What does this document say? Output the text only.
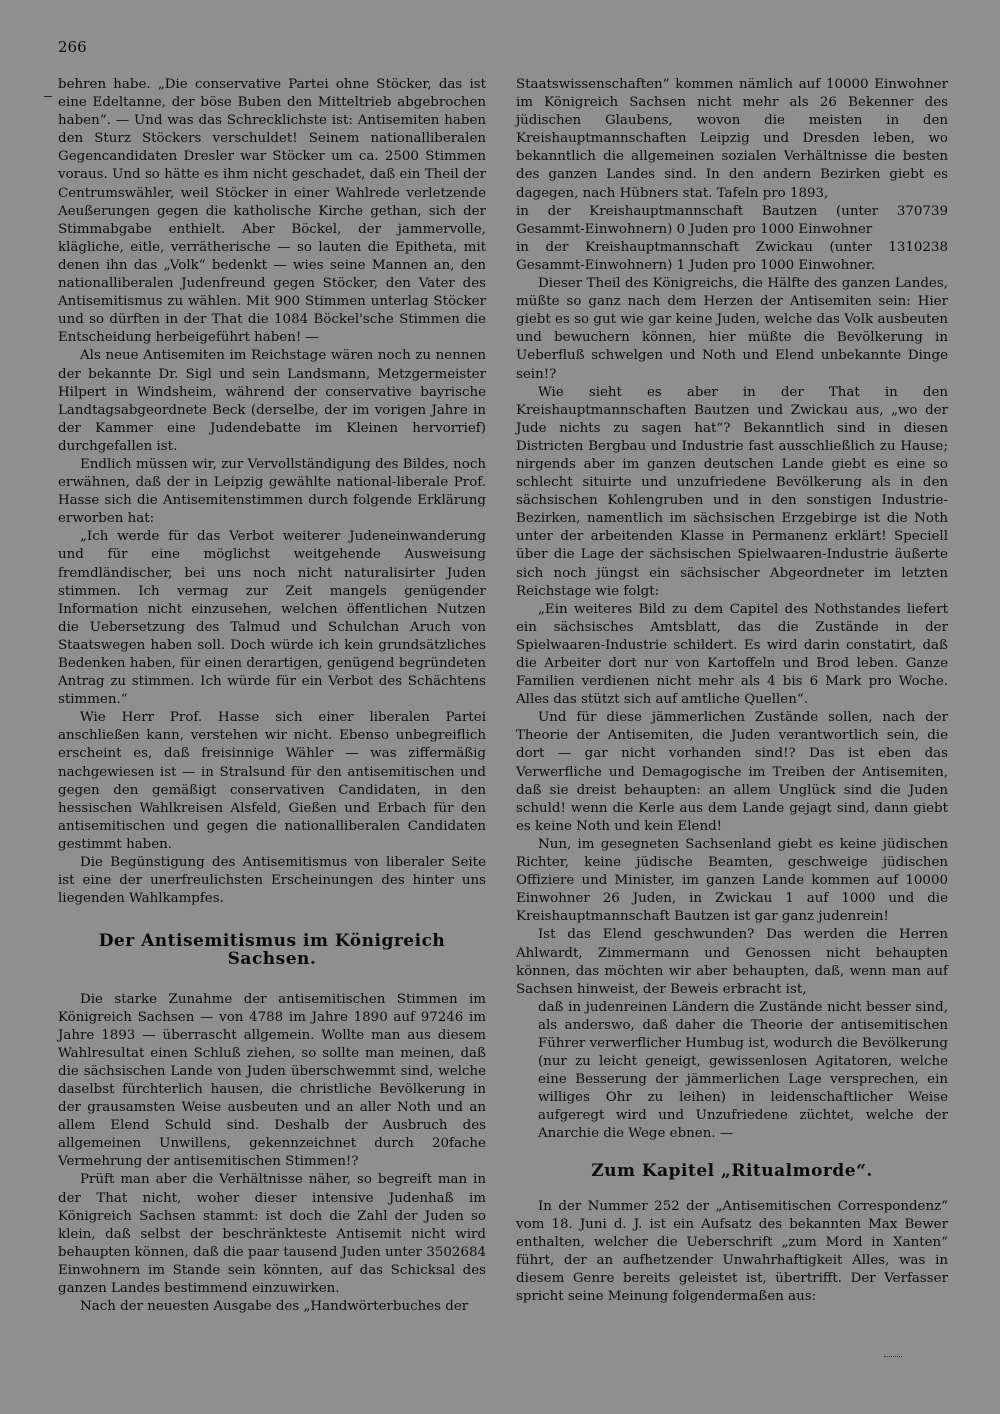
266

behren habe. „Die conservative Partei ohne Stöcker, das ist eine Edeltanne, der böse Buben den Mitteltrieb abgebrochen haben“. — Und was das Schrecklichste ist: Antisemiten haben den Sturz Stöckers verschuldet! Seinem nationalliberalen Gegencandidaten Dresler war Stöcker um ca. 2500 Stimmen voraus. Und so hätte es ihm nicht geschadet, daß ein Theil der Centrumswähler, weil Stöcker in einer Wahlrede verletzende Aeußerungen gegen die katholische Kirche gethan, sich der Stimmabgabe enthielt. Aber Böckel, der jammervolle, klägliche, eitle, verrätherische — so lauten die Epitheta, mit denen ihn das „Volk“ bedenkt — wies seine Mannen an, den nationalliberalen Judenfreund gegen Stöcker, den Vater des Antisemitismus zu wählen. Mit 900 Stimmen unterlag Stöcker und so dürften in der That die 1084 Böckel'sche Stimmen die Entscheidung herbeigeführt haben! —

Als neue Antisemiten im Reichstage wären noch zu nennen der bekannte Dr. Sigl und sein Landsmann, Metzgermeister Hilpert in Windsheim, während der conservative bayrische Landtagsabgeordnete Beck (derselbe, der im vorigen Jahre in der Kammer eine Judendebatte im Kleinen hervorrief) durchgefallen ist.

Endlich müssen wir, zur Vervollständigung des Bildes, noch erwähnen, daß der in Leipzig gewählte national-liberale Prof. Hasse sich die Antisemitenstimmen durch folgende Erklärung erworben hat:

„Ich werde für das Verbot weiterer Judeneinwanderung und für eine möglichst weitgehende Ausweisung fremdländischer, bei uns noch nicht naturalisirter Juden stimmen. Ich vermag zur Zeit mangels genügender Information nicht einzusehen, welchen öffentlichen Nutzen die Uebersetzung des Talmud und Schulchan Aruch von Staatswegen haben soll. Doch würde ich kein grundsätzliches Bedenken haben, für einen derartigen, genügend begründeten Antrag zu stimmen. Ich würde für ein Verbot des Schächtens stimmen.“

Wie Herr Prof. Hasse sich einer liberalen Partei anschließen kann, verstehen wir nicht. Ebenso unbegreiflich erscheint es, daß freisinnige Wähler — was ziffermäßig nachgewiesen ist — in Stralsund für den antisemitischen und gegen den gemäßigt conservativen Candidaten, in den hessischen Wahlkreisen Alsfeld, Gießen und Erbach für den antisemitischen und gegen die nationalliberalen Candidaten gestimmt haben.

Die Begünstigung des Antisemitismus von liberaler Seite ist eine der unerfreulichsten Erscheinungen des hinter uns liegenden Wahlkampfes.

Der Antisemitismus im Königreich Sachsen.

Die starke Zunahme der antisemitischen Stimmen im Königreich Sachsen — von 4788 im Jahre 1890 auf 97246 im Jahre 1893 — überrascht allgemein. Wollte man aus diesem Wahlresultat einen Schluß ziehen, so sollte man meinen, daß die sächsischen Lande von Juden überschwemmt sind, welche daselbst fürchterlich hausen, die christliche Bevölkerung in der grausamsten Weise ausbeuten und an aller Noth und an allem Elend Schuld sind. Deshalb der Ausbruch des allgemeinen Unwillens, gekennzeichnet durch 20fache Vermehrung der antisemitischen Stimmen!?

Prüft man aber die Verhältnisse näher, so begreift man in der That nicht, woher dieser intensive Judenhaß im Königreich Sachsen stammt: ist doch die Zahl der Juden so klein, daß selbst der beschränkteste Antisemit nicht wird behaupten können, daß die paar tausend Juden unter 3502684 Einwohnern im Stande sein könnten, auf das Schicksal des ganzen Landes bestimmend einzuwirken.

Nach der neuesten Ausgabe des „Handwörterbuches der

Staatswissenschaften“ kommen nämlich auf 10000 Einwohner im Königreich Sachsen nicht mehr als 26 Bekenner des jüdischen Glaubens, wovon die meisten in den Kreishauptmannschaften Leipzig und Dresden leben, wo bekanntlich die allgemeinen sozialen Verhältnisse die besten des ganzen Landes sind. In den andern Bezirken giebt es dagegen, nach Hübners stat. Tafeln pro 1893,

in der Kreishauptmannschaft Bautzen (unter 370739 Gesammt-Einwohnern) 0 Juden pro 1000 Einwohner

in der Kreishauptmannschaft Zwickau (unter 1310238 Gesammt-Einwohnern) 1 Juden pro 1000 Einwohner.

Dieser Theil des Königreichs, die Hälfte des ganzen Landes, müßte so ganz nach dem Herzen der Antisemiten sein: Hier giebt es so gut wie gar keine Juden, welche das Volk ausbeuten und bewuchern können, hier müßte die Bevölkerung in Ueberfluß schwelgen und Noth und Elend unbekannte Dinge sein!?

Wie sieht es aber in der That in den Kreishauptmannschaften Bautzen und Zwickau aus, „wo der Jude nichts zu sagen hat“? Bekanntlich sind in diesen Districten Bergbau und Industrie fast ausschließlich zu Hause; nirgends aber im ganzen deutschen Lande giebt es eine so schlecht situirte und unzufriedene Bevölkerung als in den sächsischen Kohlengruben und in den sonstigen Industrie-Bezirken, namentlich im sächsischen Erzgebirge ist die Noth unter der arbeitenden Klasse in Permanenz erklärt! Speciell über die Lage der sächsischen Spielwaaren-Industrie äußerte sich noch jüngst ein sächsischer Abgeordneter im letzten Reichstage wie folgt:

„Ein weiteres Bild zu dem Capitel des Nothstandes liefert ein sächsisches Amtsblatt, das die Zustände in der Spielwaaren-Industrie schildert. Es wird darin constatirt, daß die Arbeiter dort nur von Kartoffeln und Brod leben. Ganze Familien verdienen nicht mehr als 4 bis 6 Mark pro Woche. Alles das stützt sich auf amtliche Quellen“.

Und für diese jämmerlichen Zustände sollen, nach der Theorie der Antisemiten, die Juden verantwortlich sein, die dort — gar nicht vorhanden sind!? Das ist eben das Verwerfliche und Demagogische im Treiben der Antisemiten, daß sie dreist behaupten: an allem Unglück sind die Juden schuld! wenn die Kerle aus dem Lande gejagt sind, dann giebt es keine Noth und kein Elend!

Nun, im gesegneten Sachsenland giebt es keine jüdischen Richter, keine jüdische Beamten, geschweige jüdischen Offiziere und Minister, im ganzen Lande kommen auf 10000 Einwohner 26 Juden, in Zwickau 1 auf 1000 und die Kreishauptmannschaft Bautzen ist gar ganz judenrein!

Ist das Elend geschwunden? Das werden die Herren Ahlwardt, Zimmermann und Genossen nicht behaupten können, das möchten wir aber behaupten, daß, wenn man auf Sachsen hinweist, der Beweis erbracht ist,

daß in judenreinen Ländern die Zustände nicht besser sind, als anderswo, daß daher die Theorie der antisemitischen Führer verwerflicher Humbug ist, wodurch die Bevölkerung (nur zu leicht geneigt, gewissenlosen Agitatoren, welche eine Besserung der jämmerlichen Lage versprechen, ein williges Ohr zu leihen) in leidenschaftlicher Weise aufgeregt wird und Unzufriedene züchtet, welche der Anarchie die Wege ebnen. —

Zum Kapitel „Ritualmorde“.

In der Nummer 252 der „Antisemitischen Correspondenz“ vom 18. Juni d. J. ist ein Aufsatz des bekannten Max Bewer enthalten, welcher die Ueberschrift „zum Mord in Xanten“ führt, der an aufhetzender Unwahrhaftigkeit Alles, was in diesem Genre bereits geleistet ist, übertrifft. Der Verfasser spricht seine Meinung folgendermaßen aus:
